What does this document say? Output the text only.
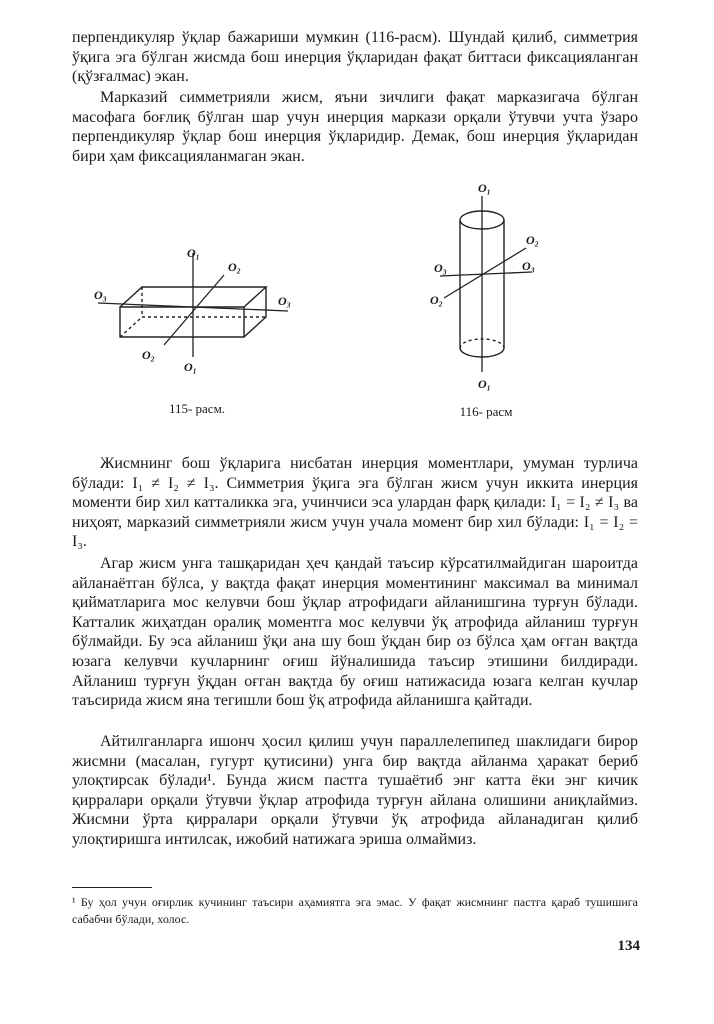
перпендикуляр ўқлар бажариши мумкин (116-расм). Шундай қилиб, симметрия ўқига эга бўлган жисмда бош инерция ўқларидан фақат биттаси фиксацияланган (қўзғалмас) экан.

Марказий симметрияли жисм, яъни зичлиги фақат марказигача бўлган масофага боғлиқ бўлган шар учун инерция маркази орқали ўтувчи учта ўзаро перпендикуляр ўқлар бош инерция ўқларидир. Демак, бош инерция ўқларидан бири ҳам фиксацияланмаган экан.

O₁
O₂
O₃	O₃
O₂
O₁
115- расм.
O₁
O₂
O₃	O₃
O₂
O₁
116- расм

Жисмнинг бош ўқларига нисбатан инерция моментлари, умуман турлича бўлади: I₁ ≠ I₂ ≠ I₃. Симметрия ўқига эга бўлган жисм учун иккита инерция моменти бир хил катталикка эга, учинчиси эса улардан фарқ қилади: I₁ = I₂ ≠ I₃ ва ниҳоят, марказий симметрияли жисм учун учала момент бир хил бўлади: I₁ = I₂ = I₃.

Агар жисм унга ташқаридан ҳеч қандай таъсир кўрсатилмайдиган шароитда айланаётган бўлса, у вақтда фақат инерция моментининг максимал ва минимал қийматларига мос келувчи бош ўқлар атрофидаги айланишгина турғун бўлади. Катталик жиҳатдан оралиқ моментга мос келувчи ўқ атрофида айланиш турғун бўлмайди. Бу эса айланиш ўқи ана шу бош ўқдан бир оз бўлса ҳам оғган вақтда юзага келувчи кучларнинг оғиш йўналишида таъсир этишини билдиради. Айланиш турғун ўқдан оғган вақтда бу оғиш натижасида юзага келган кучлар таъсирида жисм яна тегишли бош ўқ атрофида айланишга қайтади.

Айтилганларга ишонч ҳосил қилиш учун параллелепипед шаклидаги бирор жисмни (масалан, гугурт қутисини) унга бир вақтда айланма ҳаракат бериб улоқтирсак бўлади¹. Бунда жисм пастга тушаётиб энг катта ёки энг кичик қирралари орқали ўтувчи ўқлар атрофида турғун айлана олишини аниқлаймиз. Жисмни ўрта қирралари орқали ўтувчи ўқ атрофида айланадиган қилиб улоқтиришга интилсак, ижобий натижага эриша олмаймиз.

¹ Бу ҳол учун оғирлик кучининг таъсири аҳамиятга эга эмас. У фақат жисмнинг пастга қараб тушишига сабабчи бўлади, холос.

134
